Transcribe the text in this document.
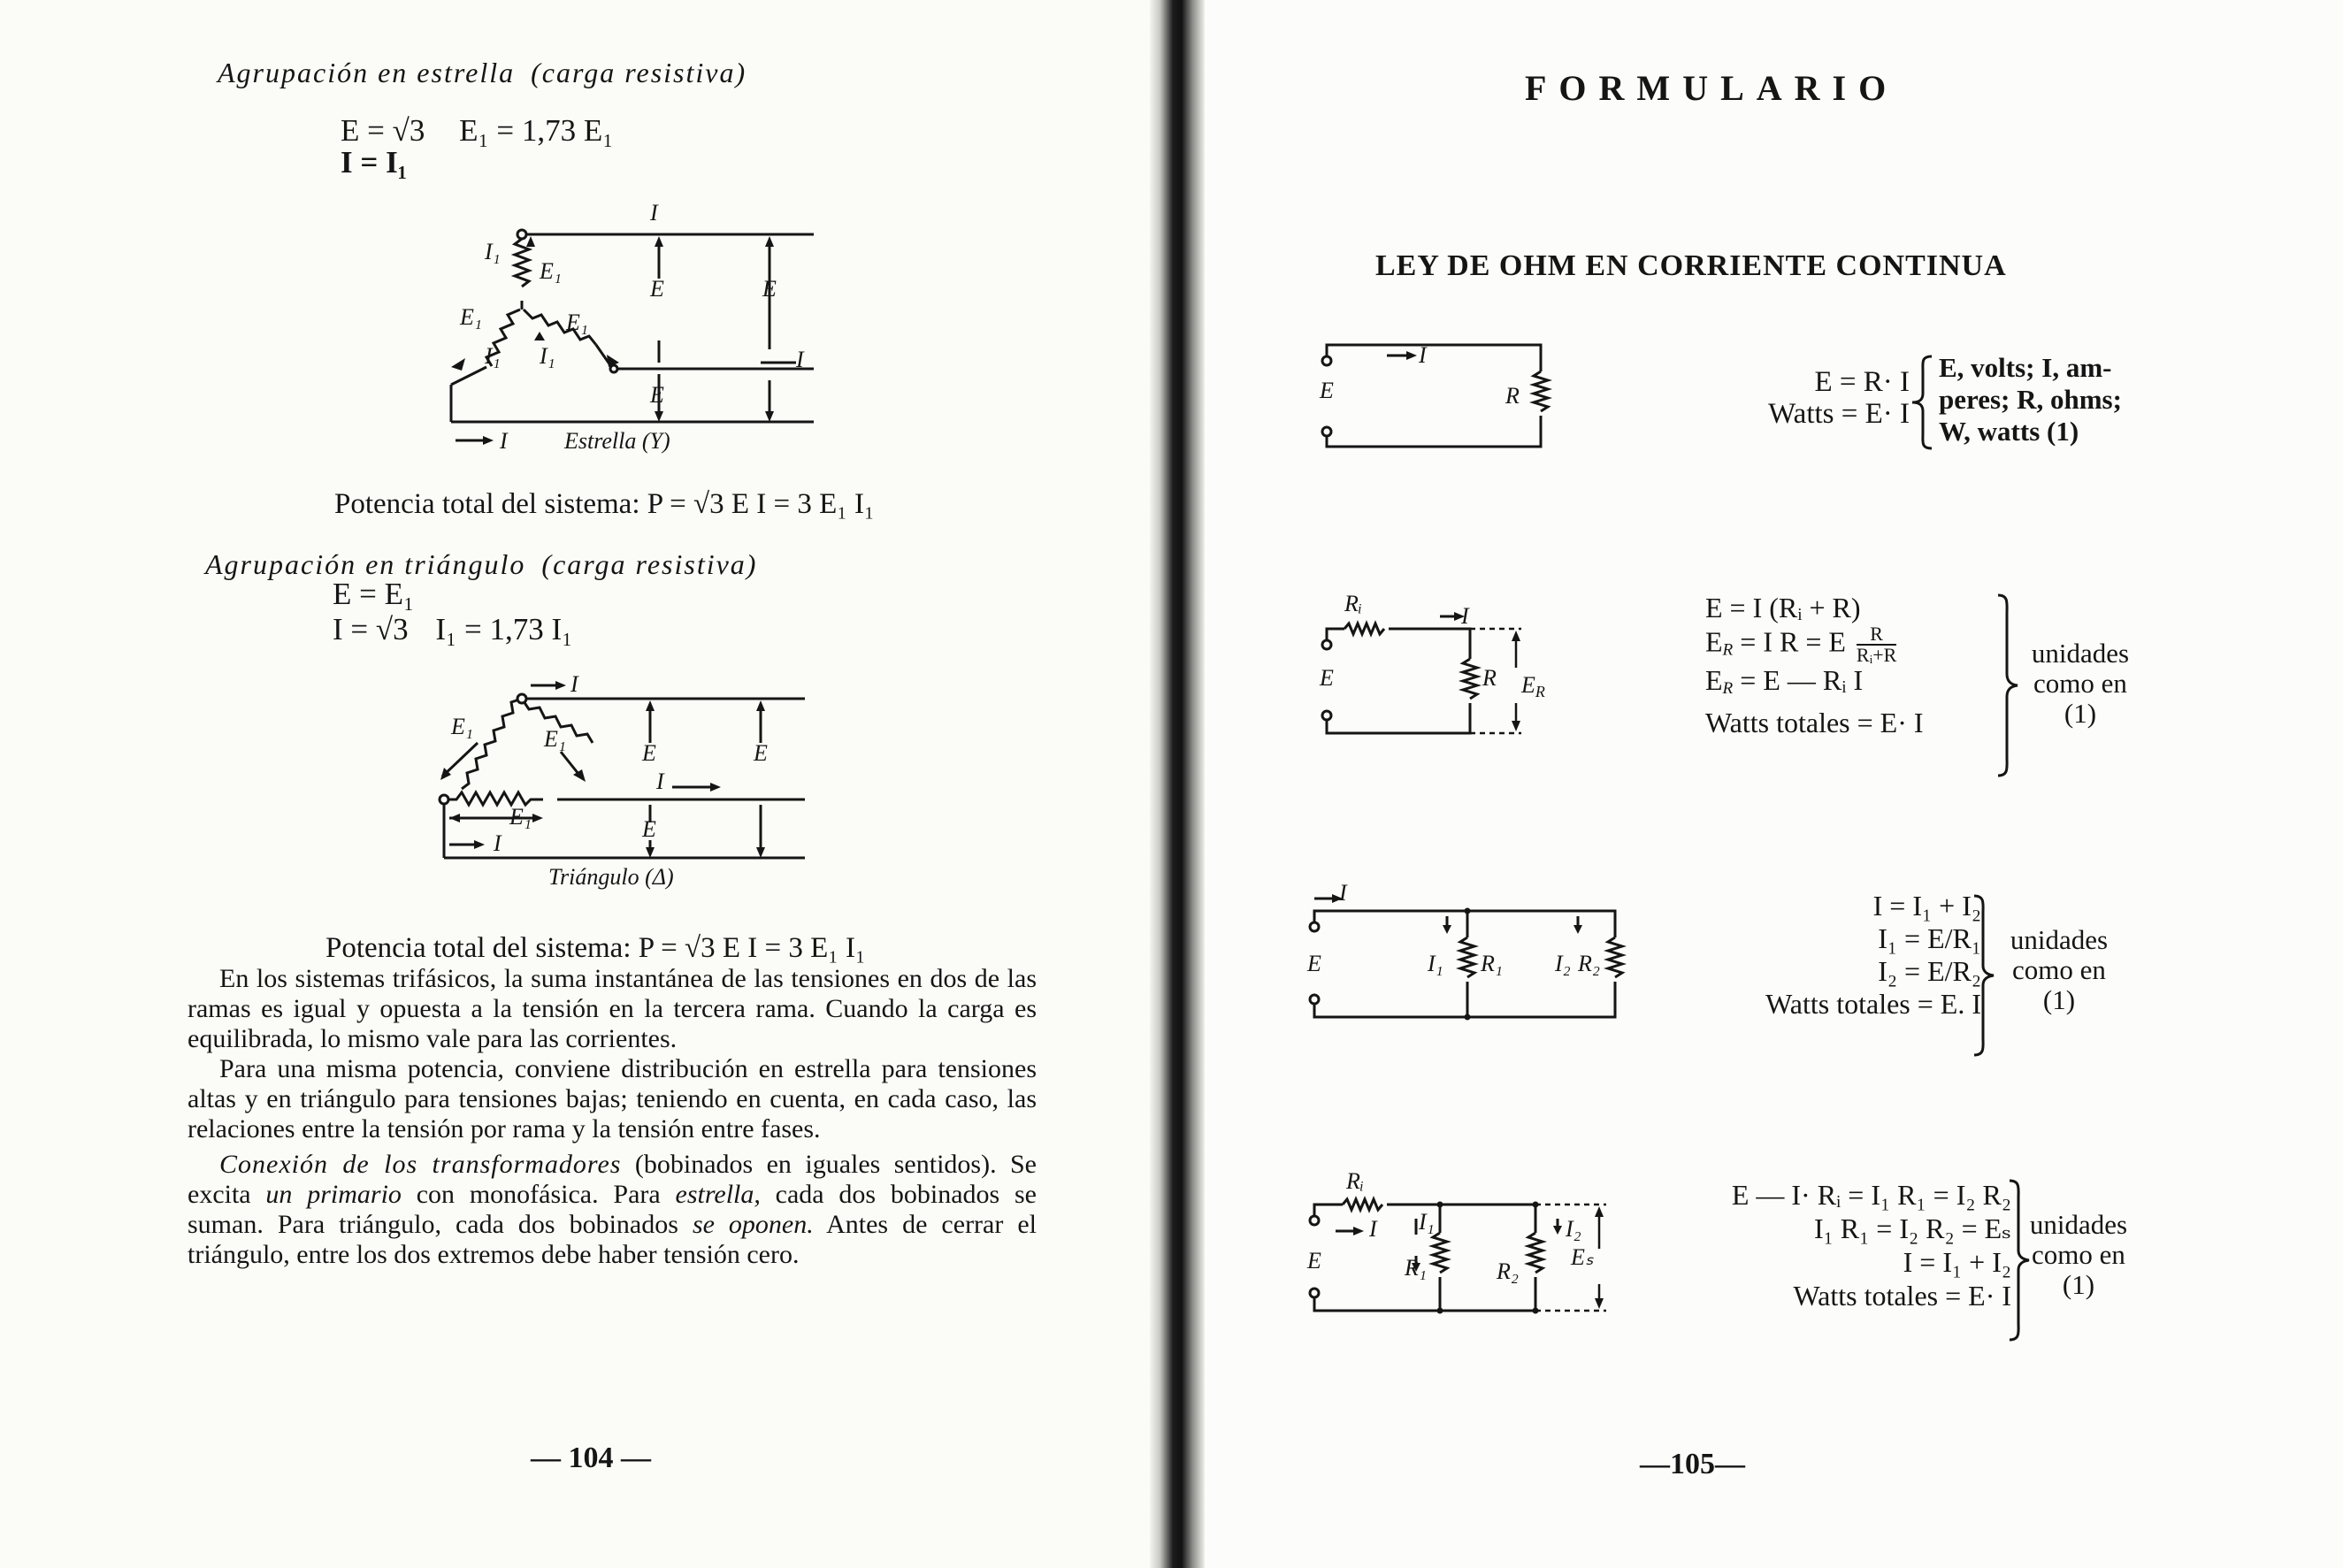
Agrupación en estrella (carga resistiva)
E = √3 E₁ = 1,73 E₁
I = I₁
I
I₁
E₁
E	E
E₁	E₁
I₁ I₁	I
E
I Estrella (Y)
Potencia total del sistema: P = √3 E I = 3 E₁ I₁
Agrupación en triángulo (carga resistiva)
E = E₁
I = √3 I₁ = 1,73 I₁
I
E₁	E₁
E	E
I
E₁	E
I
Triángulo (Δ)
Potencia total del sistema: P = √3 E I = 3 E₁ I₁

En los sistemas trifásicos, la suma instantánea de las tensiones en dos de las ramas es igual y opuesta a la tensión en la tercera rama. Cuando la carga es equilibrada, lo mismo vale para las corrientes.

Para una misma potencia, conviene distribución en estrella para tensiones altas y en triángulo para tensiones bajas; teniendo en cuenta, en cada caso, las relaciones entre la tensión por rama y la tensión entre fases.

Conexión de los transformadores (bobinados en iguales sentidos). Se excita un primario con monofásica. Para estrella, cada dos bobinados se suman. Para triángulo, cada dos bobinados se oponen. Antes de cerrar el triángulo, entre los dos extremos debe haber tensión cero.

— 104 —
FORMULARIO
LEY DE OHM EN CORRIENTE CONTINUA
I
E	R	E = R· I
Watts = E· I
E, volts; I, am-
peres; R, ohms;
W, watts (1)
Rᵢ	I
E	R ER
E = I (Rᵢ + R)
$E_R = I$ R = E $\frac{R}{\text{Rᵢ+R}}$
$E_R = E$ — Rᵢ I
Watts totales = E· I
unidades
como en
(1)
I
E	I₁ R₁ I₂ R₂
I = I₁ + I₂
I₁ = E/R₁
I₂ = E/R₂
Watts totales = E. I
unidades
como en
(1)
Rᵢ
I
E
I₁
R₁	R₂
I₂
Eₛ
E — I· Rᵢ = I₁ R₁ = I₂ R₂
I₁ R₁ = I₂ R₂ = Eₛ
I = I₁ + I₂
Watts totales = E· I
unidades
como en
(1)
—105—
